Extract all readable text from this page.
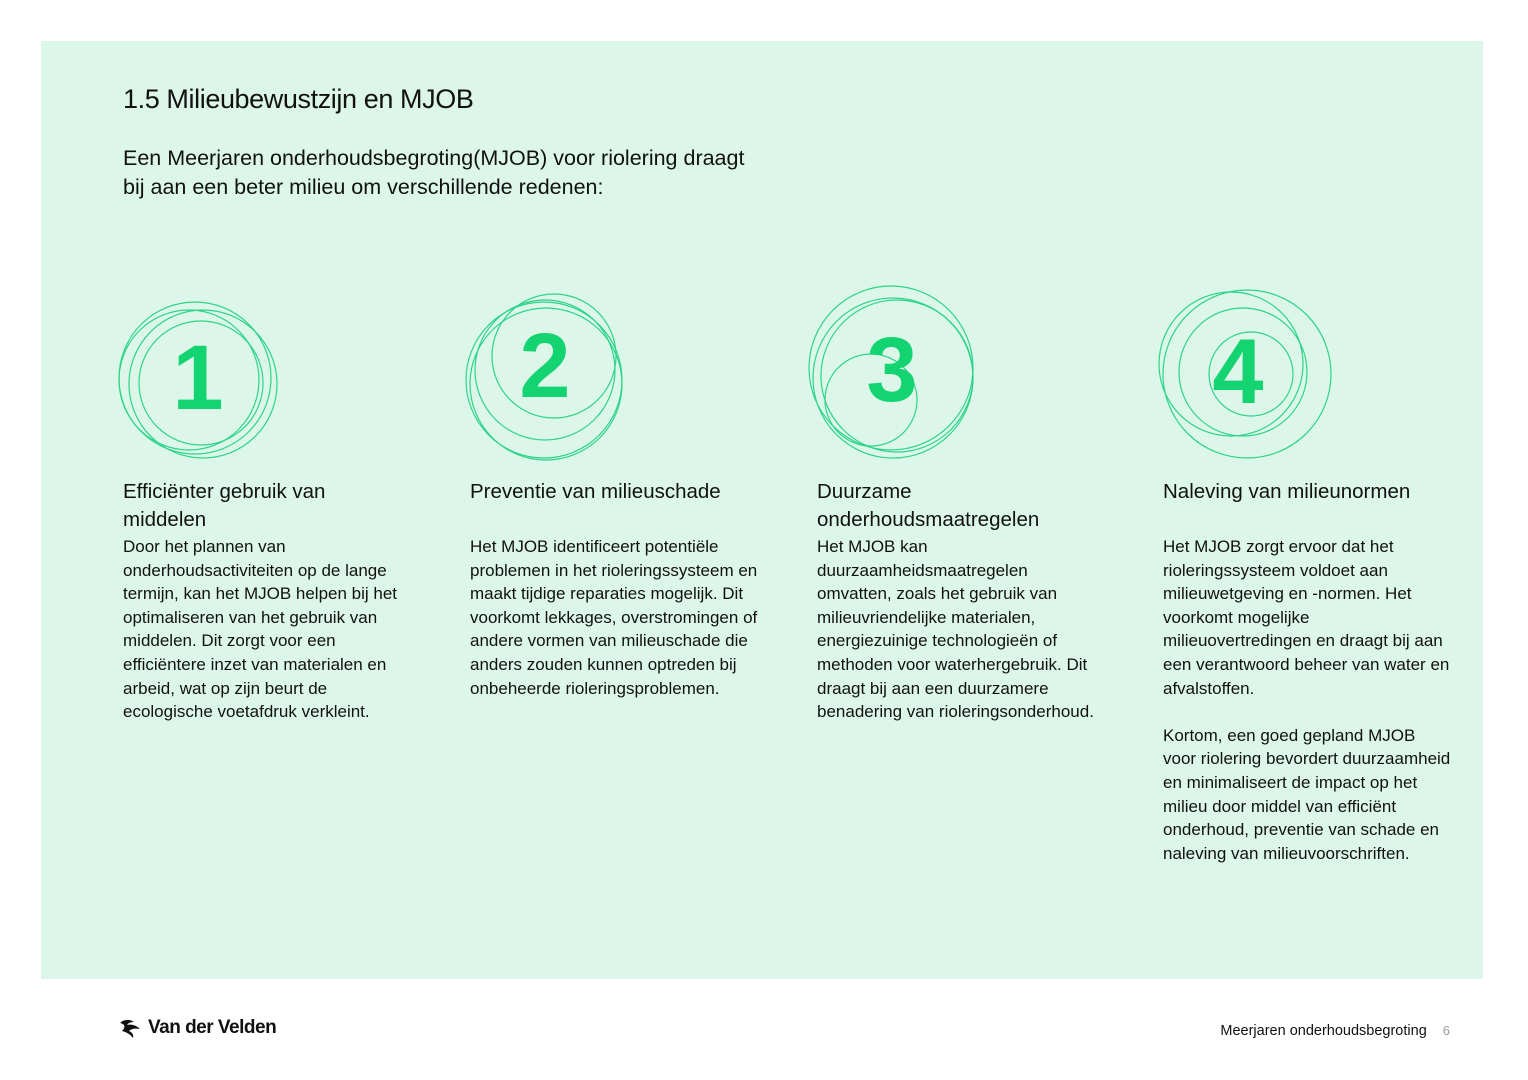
1.5 Milieubewustzijn en MJOB

Een Meerjaren onderhoudsbegroting(MJOB) voor riolering draagt bij aan een beter milieu om verschillende redenen:

1
Efficiënter gebruik van middelen

Door het plannen van onderhoudsactiviteiten op de lange termijn, kan het MJOB helpen bij het optimaliseren van het gebruik van middelen. Dit zorgt voor een efficiëntere inzet van materialen en arbeid, wat op zijn beurt de ecologische voetafdruk verkleint.

2
Preventie van milieuschade

Het MJOB identificeert potentiële problemen in het rioleringssysteem en maakt tijdige reparaties mogelijk. Dit voorkomt lekkages, overstromingen of andere vormen van milieuschade die anders zouden kunnen optreden bij onbeheerde rioleringsproblemen.

3
Duurzame onderhoudsmaatregelen

Het MJOB kan duurzaamheidsmaatregelen omvatten, zoals het gebruik van milieuvriendelijke materialen, energiezuinige technologieën of methoden voor waterhergebruik. Dit draagt bij aan een duurzamere benadering van rioleringsonderhoud.

4
Naleving van milieunormen

Het MJOB zorgt ervoor dat het rioleringssysteem voldoet aan milieuwetgeving en -normen. Het voorkomt mogelijke milieuovertredingen en draagt bij aan een verantwoord beheer van water en afvalstoffen.

Kortom, een goed gepland MJOB voor riolering bevordert duurzaamheid en minimaliseert de impact op het milieu door middel van efficiënt onderhoud, preventie van schade en naleving van milieuvoorschriften.

Van der Velden	Meerjaren onderhoudsbegroting 6
